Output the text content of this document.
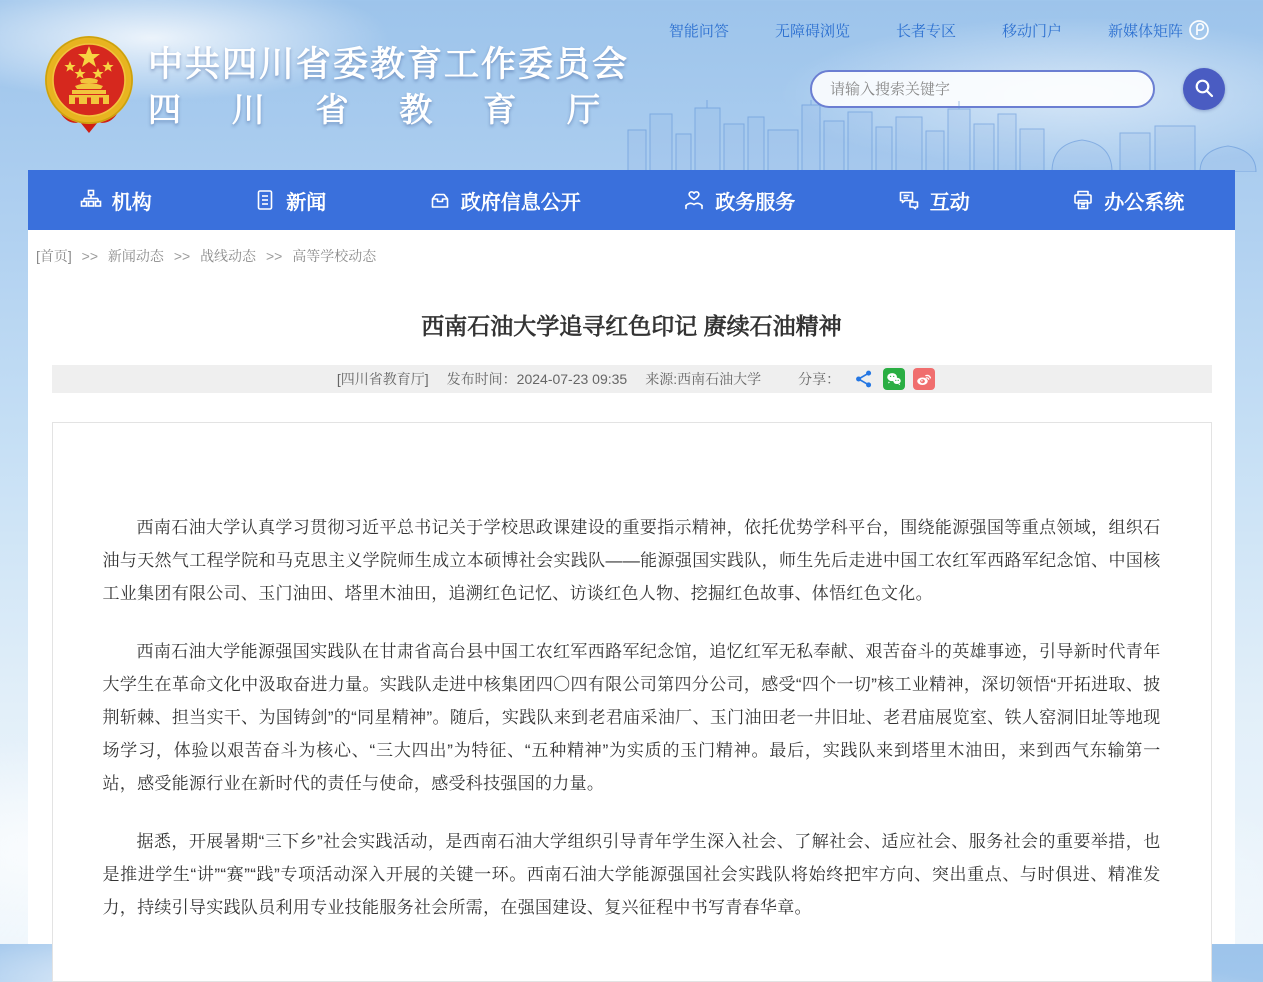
智能问答	无障碍浏览	长者专区	移动门户	新媒体矩阵
中共四川省委教育工作委员会
四 川 省 教 育 厅
请输入搜索关键字
机构	新闻	政府信息公开	政务服务	互动	办公系统
[首页] >> 新闻动态 >> 战线动态 >> 高等学校动态
西南石油大学追寻红色印记 赓续石油精神
[四川省教育厅] 发布时间：2024-07-23 09:35 来源:西南石油大学	分享：

西南石油大学认真学习贯彻习近平总书记关于学校思政课建设的重要指示精神，依托优势学科平台，围绕能源强国等重点领域，组织石油与天然气工程学院和马克思主义学院师生成立本硕博社会实践队——能源强国实践队，师生先后走进中国工农红军西路军纪念馆、中国核工业集团有限公司、玉门油田、塔里木油田，追溯红色记忆、访谈红色人物、挖掘红色故事、体悟红色文化。

西南石油大学能源强国实践队在甘肃省高台县中国工农红军西路军纪念馆，追忆红军无私奉献、艰苦奋斗的英雄事迹，引导新时代青年大学生在革命文化中汲取奋进力量。实践队走进中核集团四〇四有限公司第四分公司，感受“四个一切”核工业精神，深切领悟“开拓进取、披荆斩棘、担当实干、为国铸剑”的“同星精神”。随后，实践队来到老君庙采油厂、玉门油田老一井旧址、老君庙展览室、铁人窑洞旧址等地现场学习，体验以艰苦奋斗为核心、“三大四出”为特征、“五种精神”为实质的玉门精神。最后，实践队来到塔里木油田，来到西气东输第一站，感受能源行业在新时代的责任与使命，感受科技强国的力量。

据悉，开展暑期“三下乡”社会实践活动，是西南石油大学组织引导青年学生深入社会、了解社会、适应社会、服务社会的重要举措，也是推进学生“讲”“赛”“践”专项活动深入开展的关键一环。西南石油大学能源强国社会实践队将始终把牢方向、突出重点、与时俱进、精准发力，持续引导实践队员利用专业技能服务社会所需，在强国建设、复兴征程中书写青春华章。
